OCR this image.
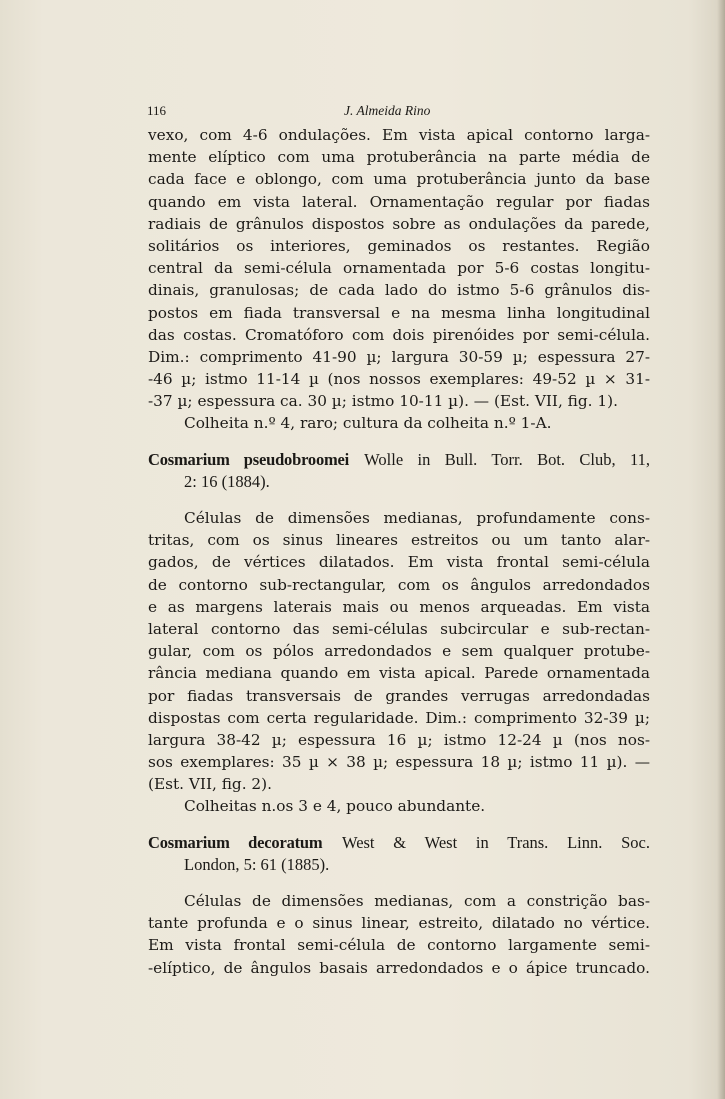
116	J. Almeida Rino
vexo, com 4-6 ondulações. Em vista apical contorno larga-
mente elíptico com uma protuberância na parte média de
cada face e oblongo, com uma protuberância junto da base
quando em vista lateral. Ornamentação regular por fiadas
radiais de grânulos dispostos sobre as ondulações da parede,
solitários os interiores, geminados os restantes. Região
central da semi-célula ornamentada por 5-6 costas longitu-
dinais, granulosas; de cada lado do istmo 5-6 grânulos dis-
postos em fiada transversal e na mesma linha longitudinal
das costas. Cromatóforo com dois pirenóides por semi-célula.
Dim.: comprimento 41-90 µ; largura 30-59 µ; espessura 27-
-46 µ; istmo 11-14 µ (nos nossos exemplares: 49-52 µ × 31-
-37 µ; espessura ca. 30 µ; istmo 10-11 µ). — (Est. VII, fig. 1).
Colheita n.º 4, raro; cultura da colheita n.º 1-A.
Cosmarium pseudobroomei Wolle in Bull. Torr. Bot. Club, 11,
2: 16 (1884).
Células de dimensões medianas, profundamente cons-
tritas, com os sinus lineares estreitos ou um tanto alar-
gados, de vértices dilatados. Em vista frontal semi-célula
de contorno sub-rectangular, com os ângulos arredondados
e as margens laterais mais ou menos arqueadas. Em vista
lateral contorno das semi-células subcircular e sub-rectan-
gular, com os pólos arredondados e sem qualquer protube-
rância mediana quando em vista apical. Parede ornamentada
por fiadas transversais de grandes verrugas arredondadas
dispostas com certa regularidade. Dim.: comprimento 32-39 µ;
largura 38-42 µ; espessura 16 µ; istmo 12-24 µ (nos nos-
sos exemplares: 35 µ × 38 µ; espessura 18 µ; istmo 11 µ). —
(Est. VII, fig. 2).
Colheitas n.os 3 e 4, pouco abundante.
Cosmarium decoratum West & West in Trans. Linn. Soc.
London, 5: 61 (1885).
Células de dimensões medianas, com a constrição bas-
tante profunda e o sinus linear, estreito, dilatado no vértice.
Em vista frontal semi-célula de contorno largamente semi-
-elíptico, de ângulos basais arredondados e o ápice truncado.
